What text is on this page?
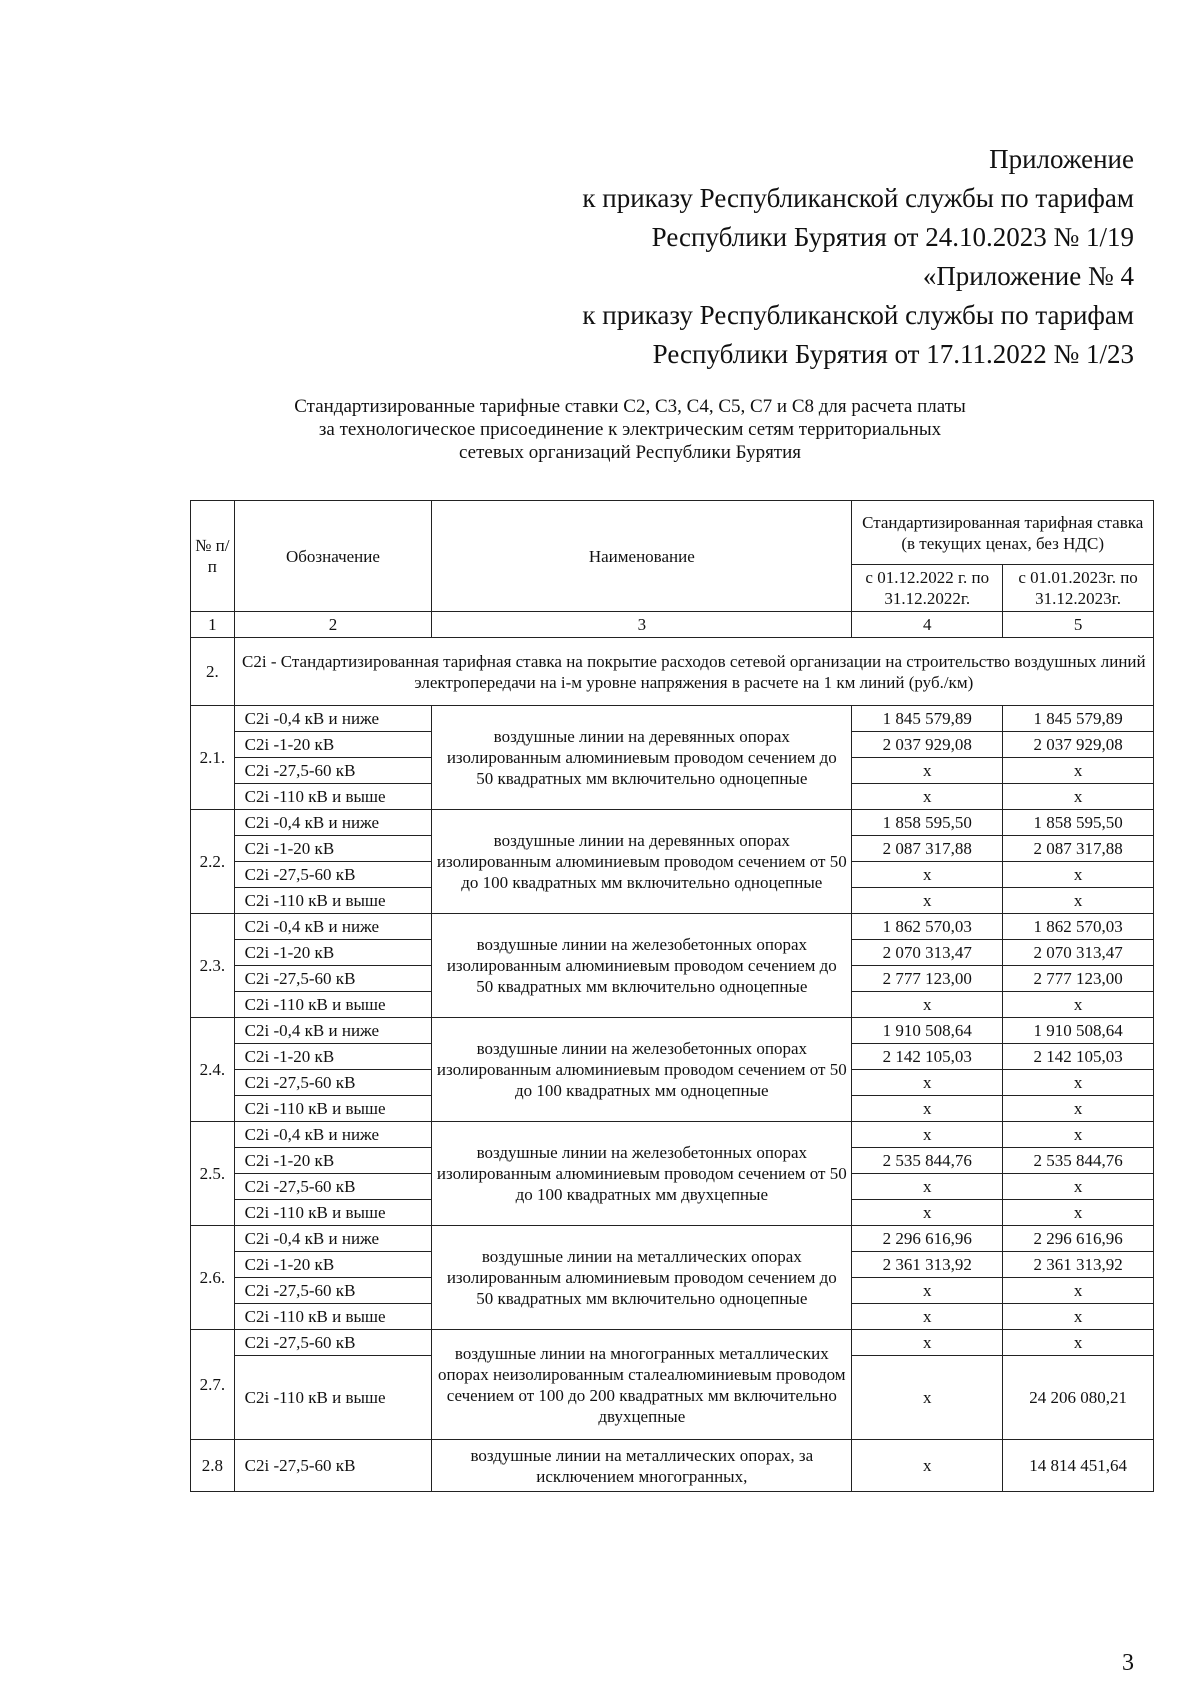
Приложение
к приказу Республиканской службы по тарифам
Республики Бурятия от 24.10.2023 № 1/19
«Приложение № 4
к приказу Республиканской службы по тарифам
Республики Бурятия от 17.11.2022 № 1/23
Стандартизированные тарифные ставки C2, C3, C4, C5, C7 и C8 для расчета платы
за технологическое присоединение к электрическим сетям территориальных
сетевых организаций Республики Бурятия
№ п/п	Обозначение	Наименование	Стандартизированная тарифная ставка (в текущих ценах, без НДС)	
			с 01.12.2022 г. по 31.12.2022г.	с 01.01.2023г. по 31.12.2023г.
1	2	3	4	5
2.	C2i - Стандартизированная тарифная ставка на покрытие расходов сетевой организации на строительство воздушных линий электропередачи на i-м уровне напряжения в расчете на 1 км линий (руб./км)			
2.1.	C2i -0,4 кВ и ниже	воздушные линии на деревянных опорах изолированным алюминиевым проводом сечением до 50 квадратных мм включительно одноцепные	1 845 579,89	1 845 579,89
	C2i -1-20 кВ		2 037 929,08	2 037 929,08
	C2i -27,5-60 кВ		x	x
	C2i -110 кВ и выше		x	x
2.2.	C2i -0,4 кВ и ниже	воздушные линии на деревянных опорах изолированным алюминиевым проводом сечением от 50 до 100 квадратных мм включительно одноцепные	1 858 595,50	1 858 595,50
	C2i -1-20 кВ		2 087 317,88	2 087 317,88
	C2i -27,5-60 кВ		x	x
	C2i -110 кВ и выше		x	x
2.3.	C2i -0,4 кВ и ниже	воздушные линии на железобетонных опорах изолированным алюминиевым проводом сечением до 50 квадратных мм включительно одноцепные	1 862 570,03	1 862 570,03
	C2i -1-20 кВ		2 070 313,47	2 070 313,47
	C2i -27,5-60 кВ		2 777 123,00	2 777 123,00
	C2i -110 кВ и выше		x	x
2.4.	C2i -0,4 кВ и ниже	воздушные линии на железобетонных опорах изолированным алюминиевым проводом сечением от 50 до 100 квадратных мм одноцепные	1 910 508,64	1 910 508,64
	C2i -1-20 кВ		2 142 105,03	2 142 105,03
	C2i -27,5-60 кВ		x	x
	C2i -110 кВ и выше		x	x
2.5.	C2i -0,4 кВ и ниже	воздушные линии на железобетонных опорах изолированным алюминиевым проводом сечением от 50 до 100 квадратных мм двухцепные	x	x
	C2i -1-20 кВ		2 535 844,76	2 535 844,76
	C2i -27,5-60 кВ		x	x
	C2i -110 кВ и выше		x	x
2.6.	C2i -0,4 кВ и ниже	воздушные линии на металлических опорах изолированным алюминиевым проводом сечением до 50 квадратных мм включительно одноцепные	2 296 616,96	2 296 616,96
	C2i -1-20 кВ		2 361 313,92	2 361 313,92
	C2i -27,5-60 кВ		x	x
	C2i -110 кВ и выше		x	x
2.7.	C2i -27,5-60 кВ	воздушные линии на многогранных металлических опорах неизолированным сталеалюминиевым проводом сечением от 100 до 200 квадратных мм включительно двухцепные	x	x
	C2i -110 кВ и выше		x	24 206 080,21
2.8	C2i -27,5-60 кВ	воздушные линии на металлических опорах, за исключением многогранных,	x	14 814 451,64
3
